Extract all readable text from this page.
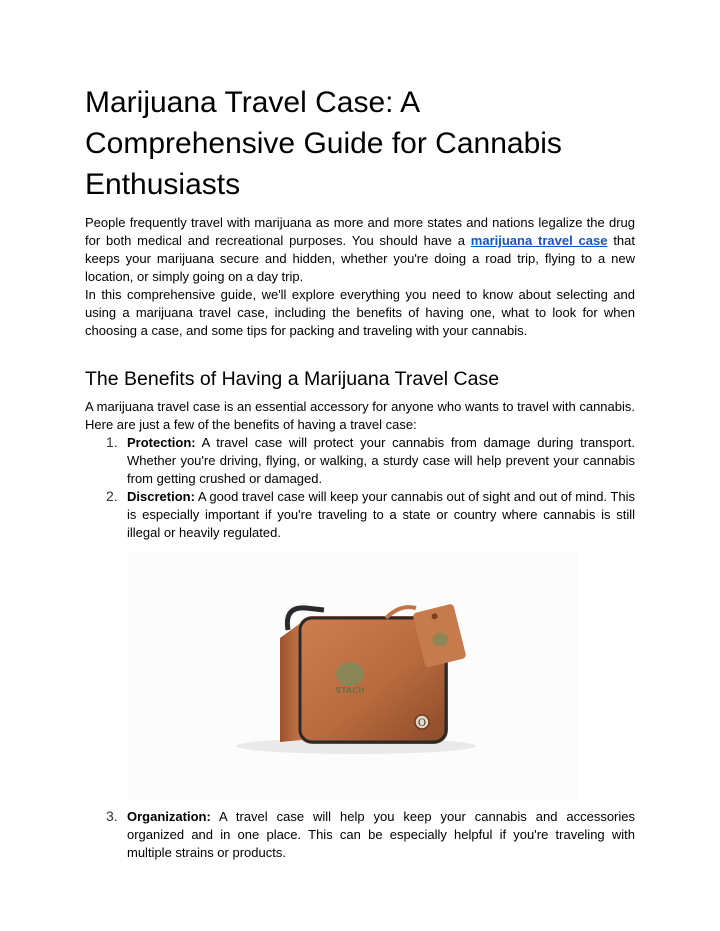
Marijuana Travel Case: A Comprehensive Guide for Cannabis Enthusiasts

People frequently travel with marijuana as more and more states and nations legalize the drug for both medical and recreational purposes. You should have a marijuana travel case that keeps your marijuana secure and hidden, whether you're doing a road trip, flying to a new location, or simply going on a day trip.

In this comprehensive guide, we'll explore everything you need to know about selecting and using a marijuana travel case, including the benefits of having one, what to look for when choosing a case, and some tips for packing and traveling with your cannabis.

The Benefits of Having a Marijuana Travel Case

A marijuana travel case is an essential accessory for anyone who wants to travel with cannabis. Here are just a few of the benefits of having a travel case:

1. Protection: A travel case will protect your cannabis from damage during transport. Whether you're driving, flying, or walking, a sturdy case will help prevent your cannabis from getting crushed or damaged.
2. Discretion: A good travel case will keep your cannabis out of sight and out of mind. This is especially important if you're traveling to a state or country where cannabis is still illegal or heavily regulated.
STACH
O
3. Organization: A travel case will help you keep your cannabis and accessories organized and in one place. This can be especially helpful if you're traveling with multiple strains or products.
